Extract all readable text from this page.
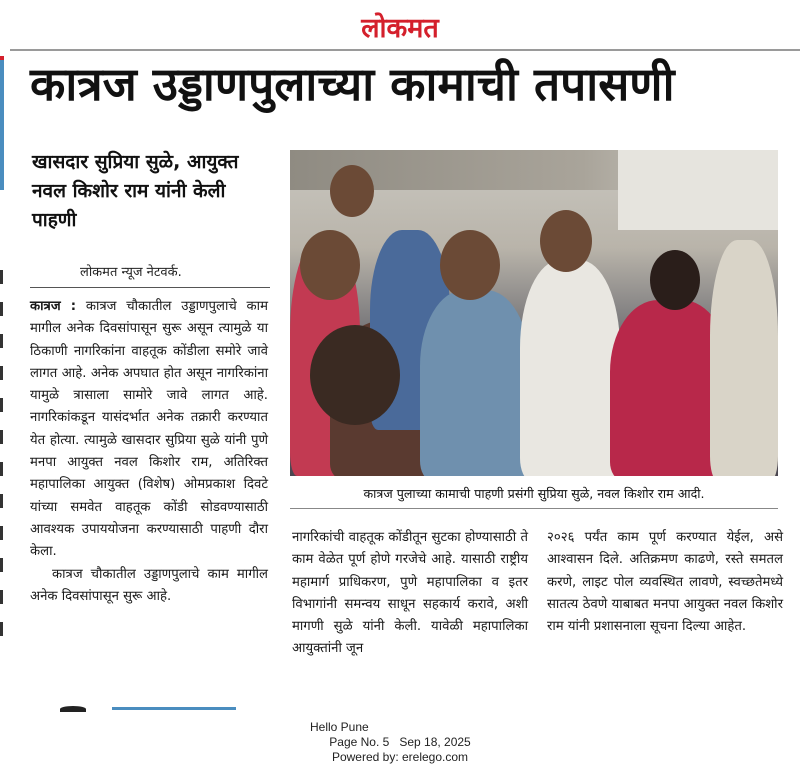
लोकमत
कात्रज उड्डाणपुलाच्या कामाची तपासणी
खासदार सुप्रिया सुळे, आयुक्त नवल किशोर राम यांनी केली पाहणी
लोकमत न्यूज नेटवर्क.

कात्रज : कात्रज चौकातील उड्डाणपुलाचे काम मागील अनेक दिवसांपासून सुरू असून त्यामुळे या ठिकाणी नागरिकांना वाहतूक कोंडीला समोरे जावे लागत आहे. अनेक अपघात होत असून नागरिकांना यामुळे त्रासाला सामोरे जावे लागत आहे. नागरिकांकडून यासंदर्भात अनेक तक्रारी करण्यात येत होत्या. त्यामुळे खासदार सुप्रिया सुळे यांनी पुणे मनपा आयुक्त नवल किशोर राम, अतिरिक्त महापालिका आयुक्त (विशेष) ओमप्रकाश दिवटे यांच्या समवेत वाहतूक कोंडी सोडवण्यासाठी आवश्यक उपाययोजना करण्यासाठी पाहणी दौरा केला.

कात्रज चौकातील उड्डाणपुलाचे काम मागील अनेक दिवसांपासून सुरू आहे.

कात्रज पुलाच्या कामाची पाहणी प्रसंगी सुप्रिया सुळे, नवल किशोर राम आदी.

नागरिकांची वाहतूक कोंडीतून सुटका होण्यासाठी ते काम वेळेत पूर्ण होणे गरजेचे आहे. यासाठी राष्ट्रीय महामार्ग प्राधिकरण, पुणे महापालिका व इतर विभागांनी समन्वय साधून सहकार्य करावे, अशी मागणी सुळे यांनी केली. यावेळी महापालिका आयुक्तांनी जून

२०२६ पर्यंत काम पूर्ण करण्यात येईल, असे आश्वासन दिले. अतिक्रमण काढणे, रस्ते समतल करणे, लाइट पोल व्यवस्थित लावणे, स्वच्छतेमध्ये सातत्य ठेवणे याबाबत मनपा आयुक्त नवल किशोर राम यांनी प्रशासनाला सूचना दिल्या आहेत.

Hello Pune
Page No. 5 Sep 18, 2025
Powered by: erelego.com
